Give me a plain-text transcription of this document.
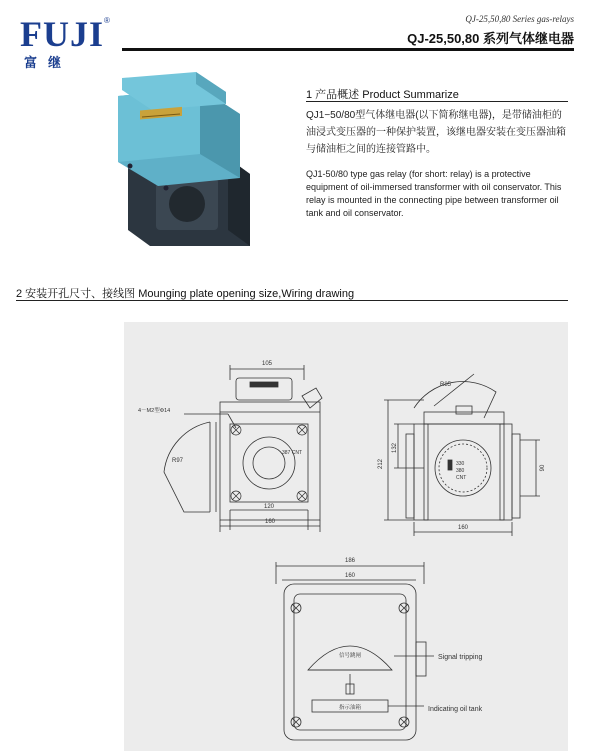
FUJI ®
富继
QJ-25,50,80 Series gas-relays
QJ-25,50,80 系列气体继电器
1 产品概述 Product Summarize
QJ1−50/80型气体继电器(以下简称继电器)，是带储油柜的油浸式变压器的一种保护装置，该继电器安装在变压器油箱与储油柜之间的连接管路中。
QJ1-50/80 type gas relay (for short: relay) is a protective equipment of oil-immersed transformer with oil conservator. This relay is mounted in the connecting pipe between transformer oil tank and oil conservator.
2 安装开孔尺寸、接线图 Mounging plate opening size,Wiring drawing
105
387 CNT
R97
4－M2型Φ14
120
160
R85
330
380
CNT
212
132
90
160
186
160
信号跳闸
指示油箱
Signal tripping
Indicating oil tank
